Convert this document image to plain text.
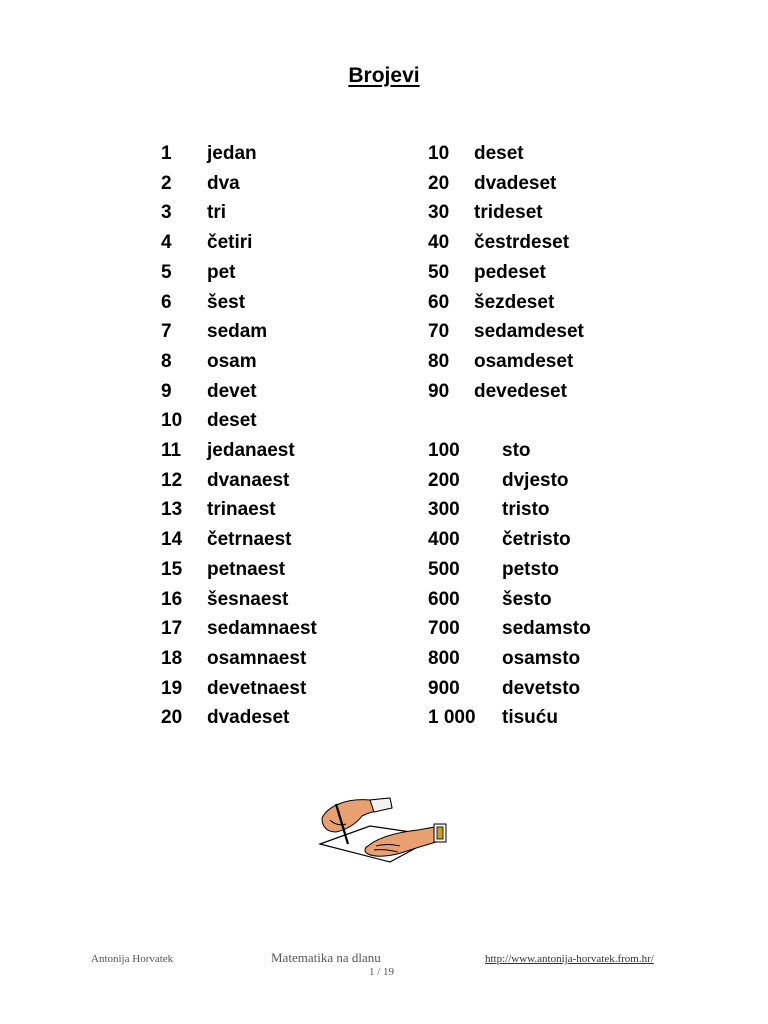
Brojevi
1 jedan
2 dva
3 tri
4 četiri
5 pet
6 šest
7 sedam
8 osam
9 devet
10 deset
11 jedanaest
12 dvanaest
13 trinaest
14 četrnaest
15 petnaest
16 šesnaest
17 sedamnaest
18 osamnaest
19 devetnaest
20 dvadeset
10 deset
20 dvadeset
30 trideset
40 čestrdeset
50 pedeset
60 šezdeset
70 sedamdeset
80 osamdeset
90 devedeset
100 sto
200 dvjesto
300 tristo
400 četristo
500 petsto
600 šesto
700 sedamsto
800 osamsto
900 devetsto
1 000 tisuću
Antonija Horvatek	Matematika na dlanu
1 / 19
http://www.antonija-horvatek.from.hr/
